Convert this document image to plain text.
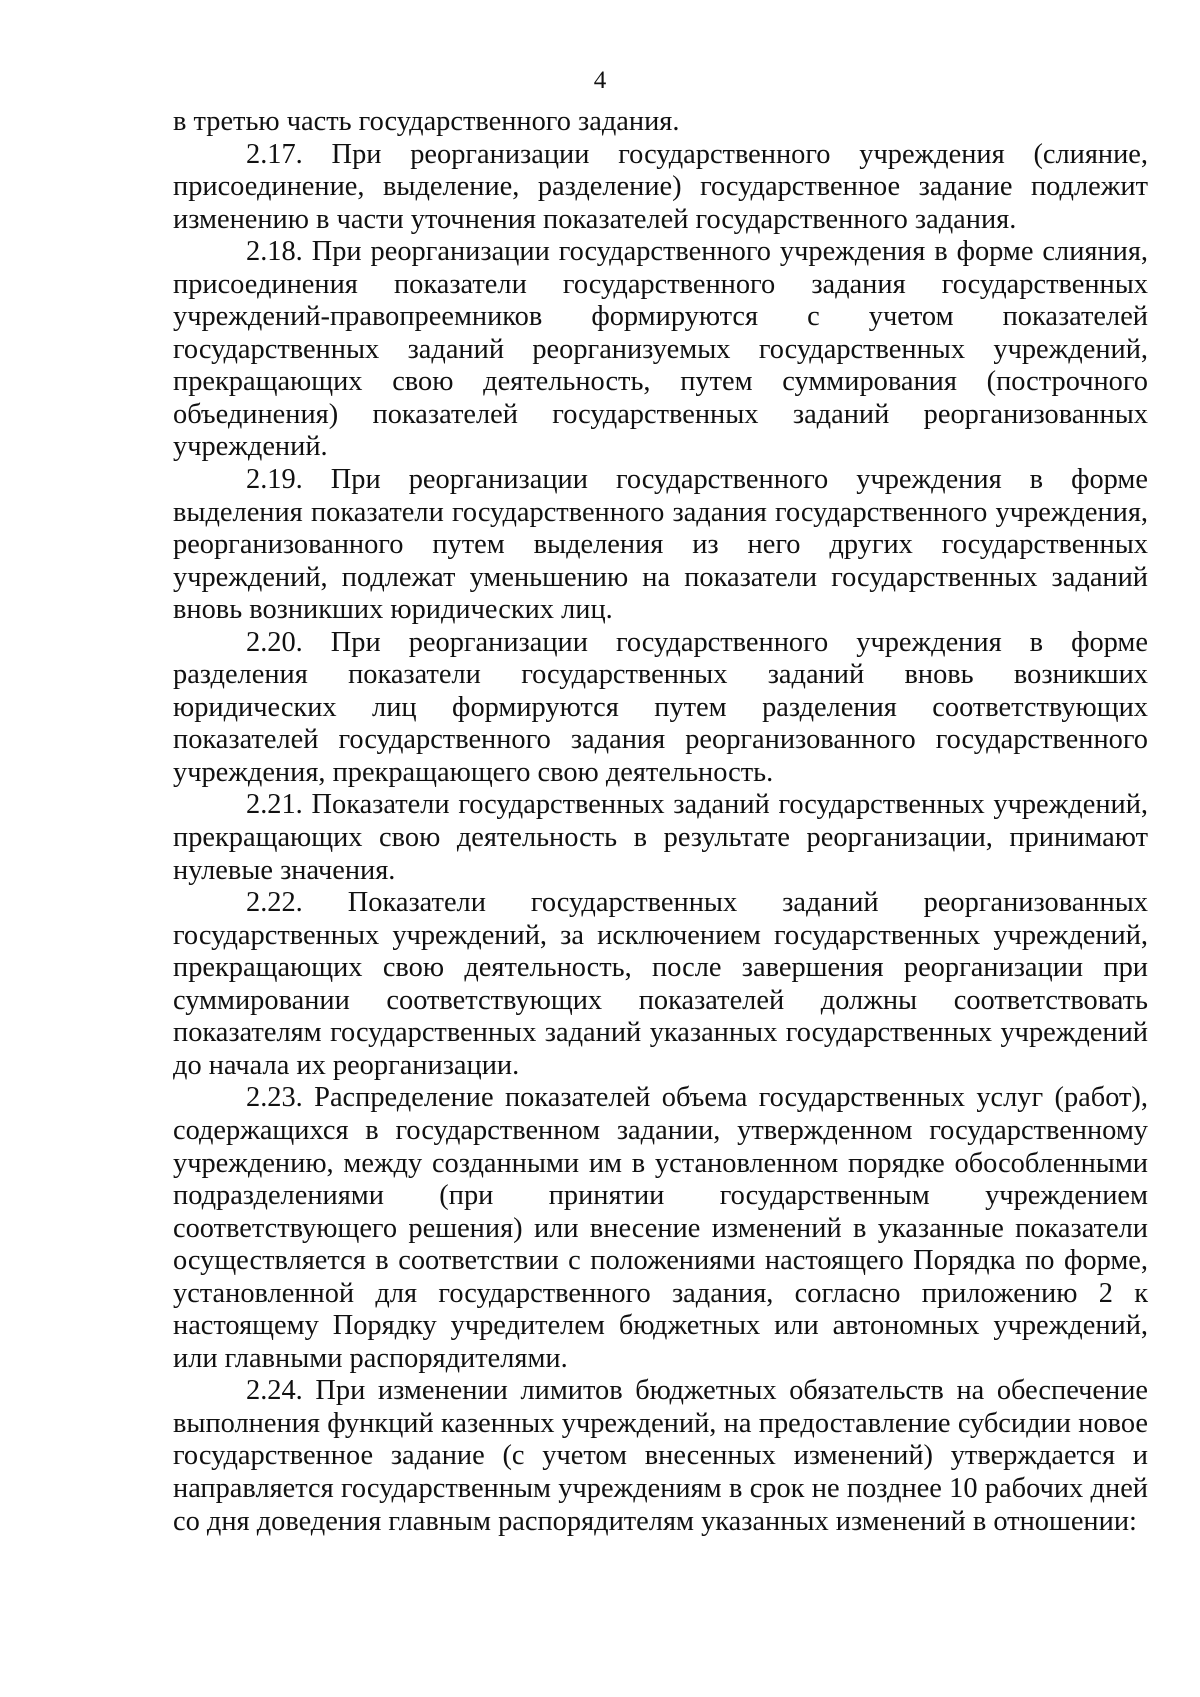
4

в третью часть государственного задания.

2.17. При реорганизации государственного учреждения (слияние, присоединение, выделение, разделение) государственное задание подлежит изменению в части уточнения показателей государственного задания.

2.18. При реорганизации государственного учреждения в форме слияния, присоединения показатели государственного задания государственных учреждений-правопреемников формируются с учетом показателей государственных заданий реорганизуемых государственных учреждений, прекращающих свою деятельность, путем суммирования (построчного объединения) показателей государственных заданий реорганизованных учреждений.

2.19. При реорганизации государственного учреждения в форме выделения показатели государственного задания государственного учреждения, реорганизованного путем выделения из него других государственных учреждений, подлежат уменьшению на показатели государственных заданий вновь возникших юридических лиц.

2.20. При реорганизации государственного учреждения в форме разделения показатели государственных заданий вновь возникших юридических лиц формируются путем разделения соответствующих показателей государственного задания реорганизованного государственного учреждения, прекращающего свою деятельность.

2.21. Показатели государственных заданий государственных учреждений, прекращающих свою деятельность в результате реорганизации, принимают нулевые значения.

2.22. Показатели государственных заданий реорганизованных государственных учреждений, за исключением государственных учреждений, прекращающих свою деятельность, после завершения реорганизации при суммировании соответствующих показателей должны соответствовать показателям государственных заданий указанных государственных учреждений до начала их реорганизации.

2.23. Распределение показателей объема государственных услуг (работ), содержащихся в государственном задании, утвержденном государственному учреждению, между созданными им в установленном порядке обособленными подразделениями (при принятии государственным учреждением соответствующего решения) или внесение изменений в указанные показатели осуществляется в соответствии с положениями настоящего Порядка по форме, установленной для государственного задания, согласно приложению 2 к настоящему Порядку учредителем бюджетных или автономных учреждений, или главными распорядителями.

2.24. При изменении лимитов бюджетных обязательств на обеспечение выполнения функций казенных учреждений, на предоставление субсидии новое государственное задание (с учетом внесенных изменений) утверждается и направляется государственным учреждениям в срок не позднее 10 рабочих дней со дня доведения главным распорядителям указанных изменений в отношении:
